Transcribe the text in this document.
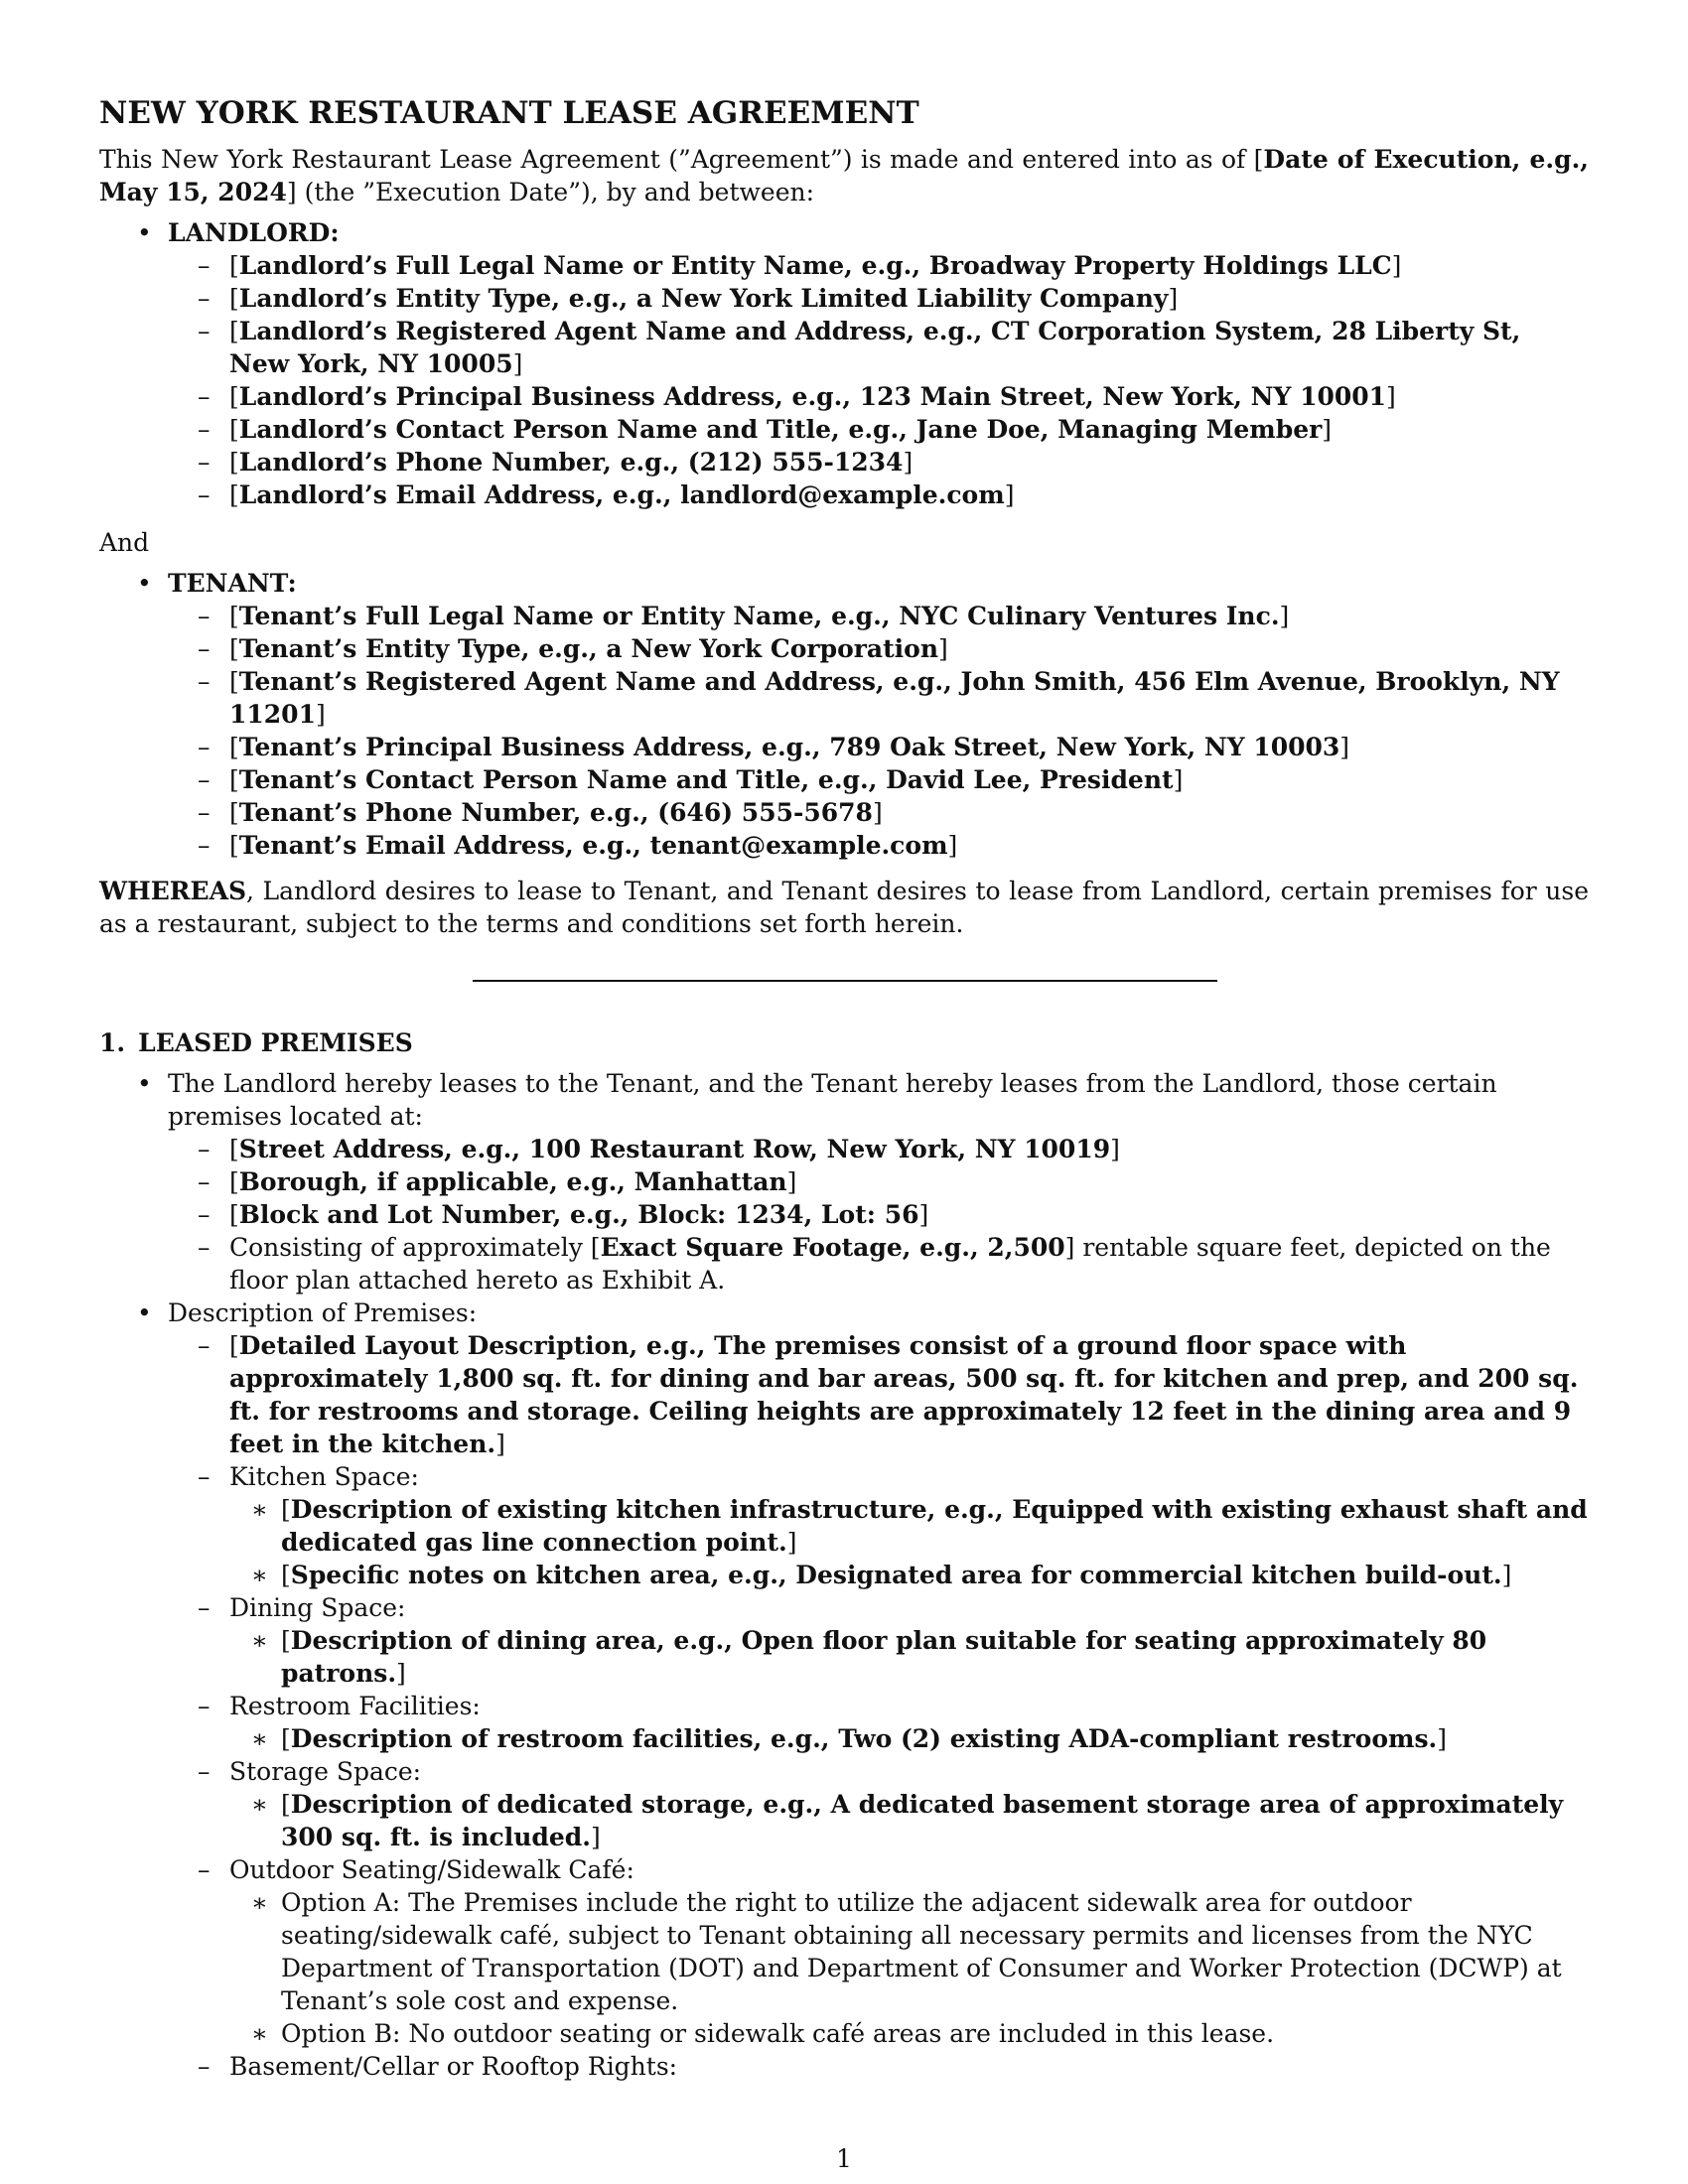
NEW YORK RESTAURANT LEASE AGREEMENT

This New York Restaurant Lease Agreement (”Agreement”) is made and entered into as of [Date of Execution, e.g., May 15, 2024] (the ”Execution Date”), by and between:

• LANDLORD:
– [Landlord’s Full Legal Name or Entity Name, e.g., Broadway Property Holdings LLC]
– [Landlord’s Entity Type, e.g., a New York Limited Liability Company]
– [Landlord’s Registered Agent Name and Address, e.g., CT Corporation System, 28 Liberty St, New York, NY 10005]
– [Landlord’s Principal Business Address, e.g., 123 Main Street, New York, NY 10001]
– [Landlord’s Contact Person Name and Title, e.g., Jane Doe, Managing Member]
– [Landlord’s Phone Number, e.g., (212) 555-1234]
– [Landlord’s Email Address, e.g., landlord@example.com]

And

• TENANT:
– [Tenant’s Full Legal Name or Entity Name, e.g., NYC Culinary Ventures Inc.]
– [Tenant’s Entity Type, e.g., a New York Corporation]
– [Tenant’s Registered Agent Name and Address, e.g., John Smith, 456 Elm Avenue, Brooklyn, NY 11201]
– [Tenant’s Principal Business Address, e.g., 789 Oak Street, New York, NY 10003]
– [Tenant’s Contact Person Name and Title, e.g., David Lee, President]
– [Tenant’s Phone Number, e.g., (646) 555-5678]
– [Tenant’s Email Address, e.g., tenant@example.com]

WHEREAS, Landlord desires to lease to Tenant, and Tenant desires to lease from Landlord, certain premises for use as a restaurant, subject to the terms and conditions set forth herein.

1. LEASED PREMISES
• The Landlord hereby leases to the Tenant, and the Tenant hereby leases from the Landlord, those certain premises located at:
– [Street Address, e.g., 100 Restaurant Row, New York, NY 10019]
– [Borough, if applicable, e.g., Manhattan]
– [Block and Lot Number, e.g., Block: 1234, Lot: 56]
– Consisting of approximately [Exact Square Footage, e.g., 2,500] rentable square feet, depicted on the floor plan attached hereto as Exhibit A.
• Description of Premises:
– [Detailed Layout Description, e.g., The premises consist of a ground floor space with approximately 1,800 sq. ft. for dining and bar areas, 500 sq. ft. for kitchen and prep, and 200 sq. ft. for restrooms and storage. Ceiling heights are approximately 12 feet in the dining area and 9 feet in the kitchen.]
– Kitchen Space:
∗ [Description of existing kitchen infrastructure, e.g., Equipped with existing exhaust shaft and dedicated gas line connection point.]
∗ [Specific notes on kitchen area, e.g., Designated area for commercial kitchen build-out.]
– Dining Space:
∗ [Description of dining area, e.g., Open floor plan suitable for seating approximately 80 patrons.]
– Restroom Facilities:
∗ [Description of restroom facilities, e.g., Two (2) existing ADA-compliant restrooms.]
– Storage Space:
∗ [Description of dedicated storage, e.g., A dedicated basement storage area of approximately 300 sq. ft. is included.]
– Outdoor Seating/Sidewalk Café:
∗ Option A: The Premises include the right to utilize the adjacent sidewalk area for outdoor seating/sidewalk café, subject to Tenant obtaining all necessary permits and licenses from the NYC Department of Transportation (DOT) and Department of Consumer and Worker Protection (DCWP) at Tenant’s sole cost and expense.
∗ Option B: No outdoor seating or sidewalk café areas are included in this lease.
– Basement/Cellar or Rooftop Rights:
1
